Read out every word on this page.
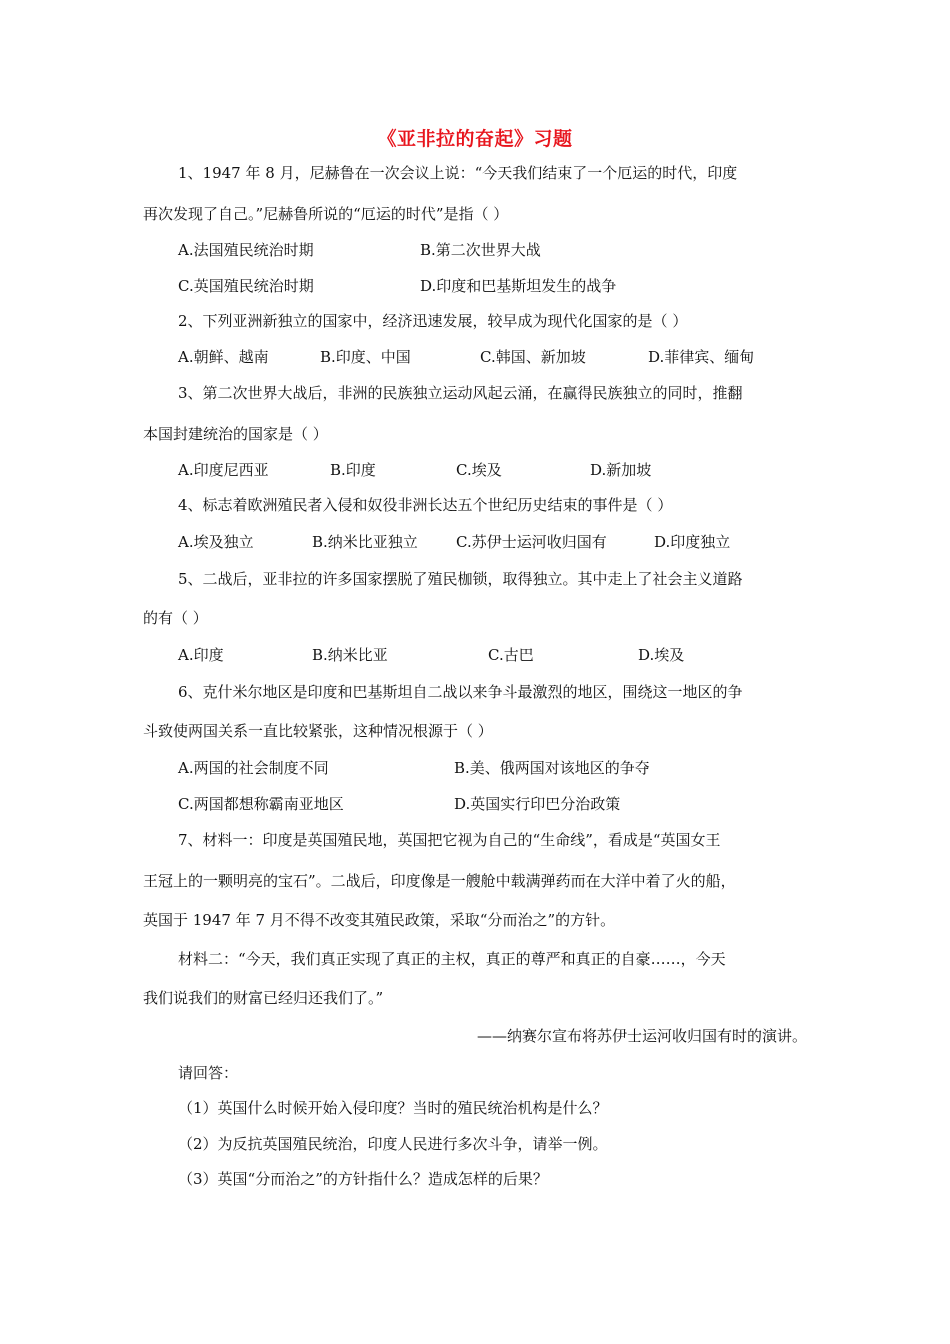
《亚非拉的奋起》习题
1、1947 年 8 月，尼赫鲁在一次会议上说：“今天我们结束了一个厄运的时代，印度
再次发现了自己。”尼赫鲁所说的“厄运的时代”是指（ ）
A.法国殖民统治时期	B.第二次世界大战
C.英国殖民统治时期	D.印度和巴基斯坦发生的战争
2、下列亚洲新独立的国家中，经济迅速发展，较早成为现代化国家的是（ ）
A.朝鲜、越南	B.印度、中国	C.韩国、新加坡	D.菲律宾、缅甸
3、第二次世界大战后，非洲的民族独立运动风起云涌，在赢得民族独立的同时，推翻
本国封建统治的国家是（ ）
A.印度尼西亚	B.印度	C.埃及	D.新加坡
4、标志着欧洲殖民者入侵和奴役非洲长达五个世纪历史结束的事件是（ ）
A.埃及独立	B.纳米比亚独立	C.苏伊士运河收归国有	D.印度独立
5、二战后，亚非拉的许多国家摆脱了殖民枷锁，取得独立。其中走上了社会主义道路
的有（ ）
A.印度	B.纳米比亚	C.古巴	D.埃及
6、克什米尔地区是印度和巴基斯坦自二战以来争斗最激烈的地区，围绕这一地区的争
斗致使两国关系一直比较紧张，这种情况根源于（ ）
A.两国的社会制度不同	B.美、俄两国对该地区的争夺
C.两国都想称霸南亚地区	D.英国实行印巴分治政策
7、材料一：印度是英国殖民地，英国把它视为自己的“生命线”，看成是“英国女王
王冠上的一颗明亮的宝石”。二战后，印度像是一艘舱中载满弹药而在大洋中着了火的船，
英国于 1947 年 7 月不得不改变其殖民政策，采取“分而治之”的方针。
材料二：“今天，我们真正实现了真正的主权，真正的尊严和真正的自豪……，今天
我们说我们的财富已经归还我们了。”
——纳赛尔宣布将苏伊士运河收归国有时的演讲。
请回答：
（1）英国什么时候开始入侵印度？当时的殖民统治机构是什么？
（2）为反抗英国殖民统治，印度人民进行多次斗争，请举一例。
（3）英国“分而治之”的方针指什么？造成怎样的后果？
